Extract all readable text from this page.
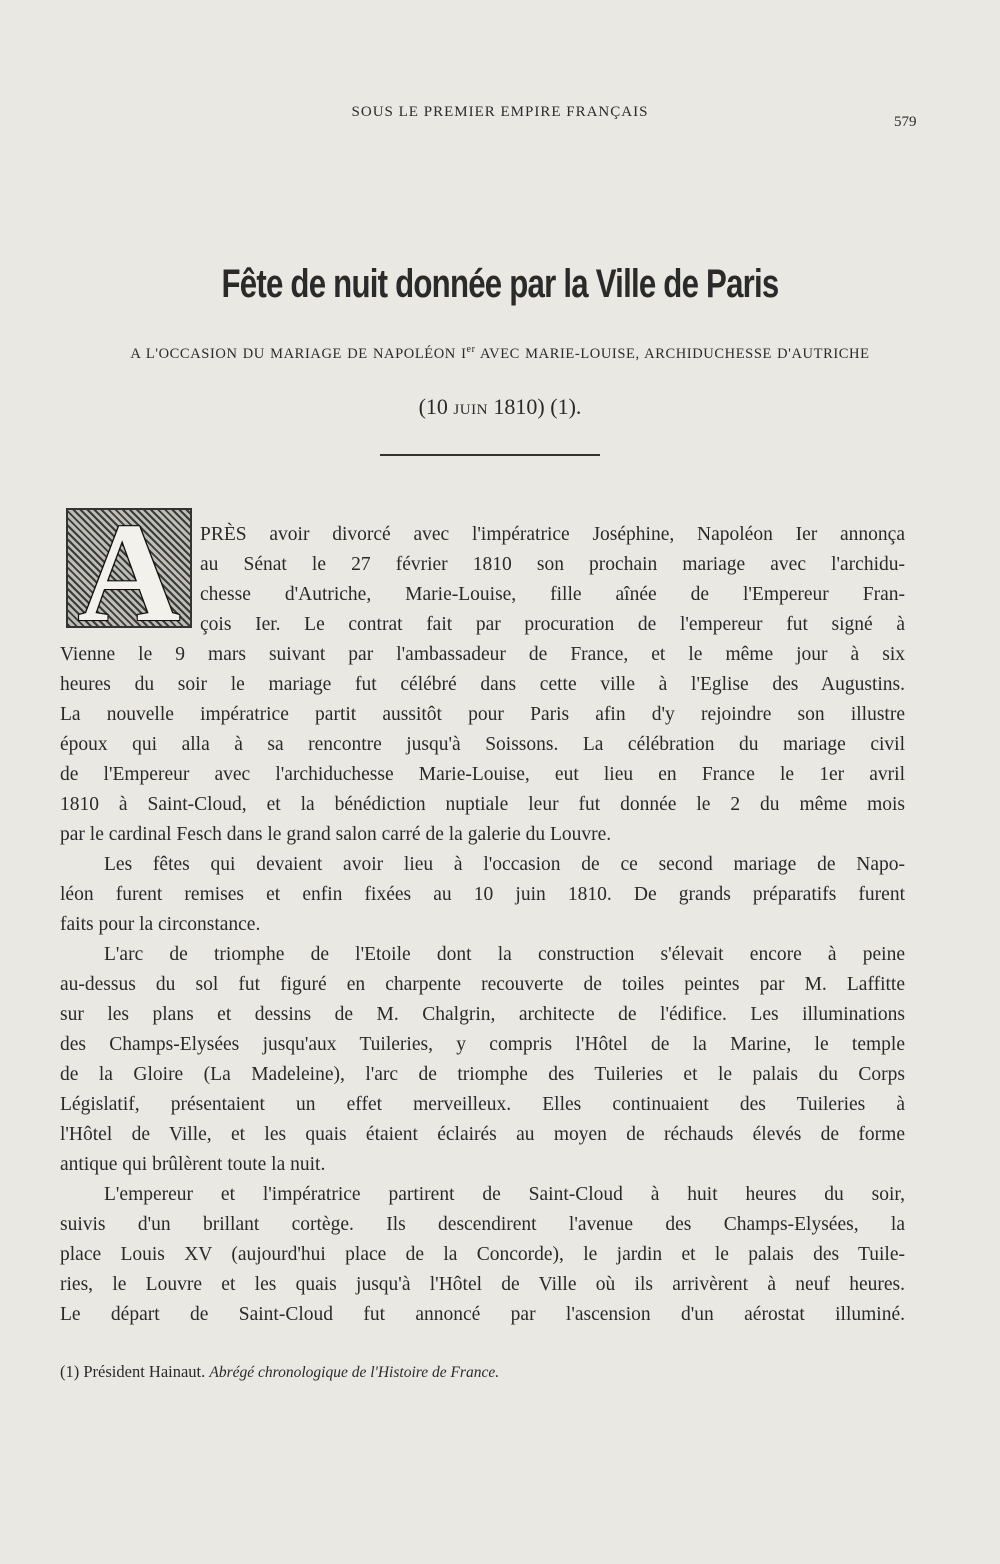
SOUS LE PREMIER EMPIRE FRANÇAIS
579
Fête de nuit donnée par la Ville de Paris
A L'OCCASION DU MARIAGE DE NAPOLÉON Ier AVEC MARIE-LOUISE, ARCHIDUCHESSE D'AUTRICHE
(10 JUIN 1810) (1).
A PRÈS avoir divorcé avec l'impératrice Joséphine, Napoléon Ier annonça
au Sénat le 27 février 1810 son prochain mariage avec l'archidu-
chesse d'Autriche, Marie-Louise, fille aînée de l'Empereur Fran-
çois Ier. Le contrat fait par procuration de l'empereur fut signé à
Vienne le 9 mars suivant par l'ambassadeur de France, et le même jour à six
heures du soir le mariage fut célébré dans cette ville à l'Eglise des Augustins.
La nouvelle impératrice partit aussitôt pour Paris afin d'y rejoindre son illustre
époux qui alla à sa rencontre jusqu'à Soissons. La célébration du mariage civil
de l'Empereur avec l'archiduchesse Marie-Louise, eut lieu en France le 1er avril
1810 à Saint-Cloud, et la bénédiction nuptiale leur fut donnée le 2 du même mois
par le cardinal Fesch dans le grand salon carré de la galerie du Louvre.
Les fêtes qui devaient avoir lieu à l'occasion de ce second mariage de Napo-
léon furent remises et enfin fixées au 10 juin 1810. De grands préparatifs furent
faits pour la circonstance.
L'arc de triomphe de l'Etoile dont la construction s'élevait encore à peine
au-dessus du sol fut figuré en charpente recouverte de toiles peintes par M. Laffitte
sur les plans et dessins de M. Chalgrin, architecte de l'édifice. Les illuminations
des Champs-Elysées jusqu'aux Tuileries, y compris l'Hôtel de la Marine, le temple
de la Gloire (La Madeleine), l'arc de triomphe des Tuileries et le palais du Corps
Législatif, présentaient un effet merveilleux. Elles continuaient des Tuileries à
l'Hôtel de Ville, et les quais étaient éclairés au moyen de réchauds élevés de forme
antique qui brûlèrent toute la nuit.
L'empereur et l'impératrice partirent de Saint-Cloud à huit heures du soir,
suivis d'un brillant cortège. Ils descendirent l'avenue des Champs-Elysées, la
place Louis XV (aujourd'hui place de la Concorde), le jardin et le palais des Tuile-
ries, le Louvre et les quais jusqu'à l'Hôtel de Ville où ils arrivèrent à neuf heures.
Le départ de Saint-Cloud fut annoncé par l'ascension d'un aérostat illuminé.
(1) Président Hainaut. Abrégé chronologique de l'Histoire de France.
